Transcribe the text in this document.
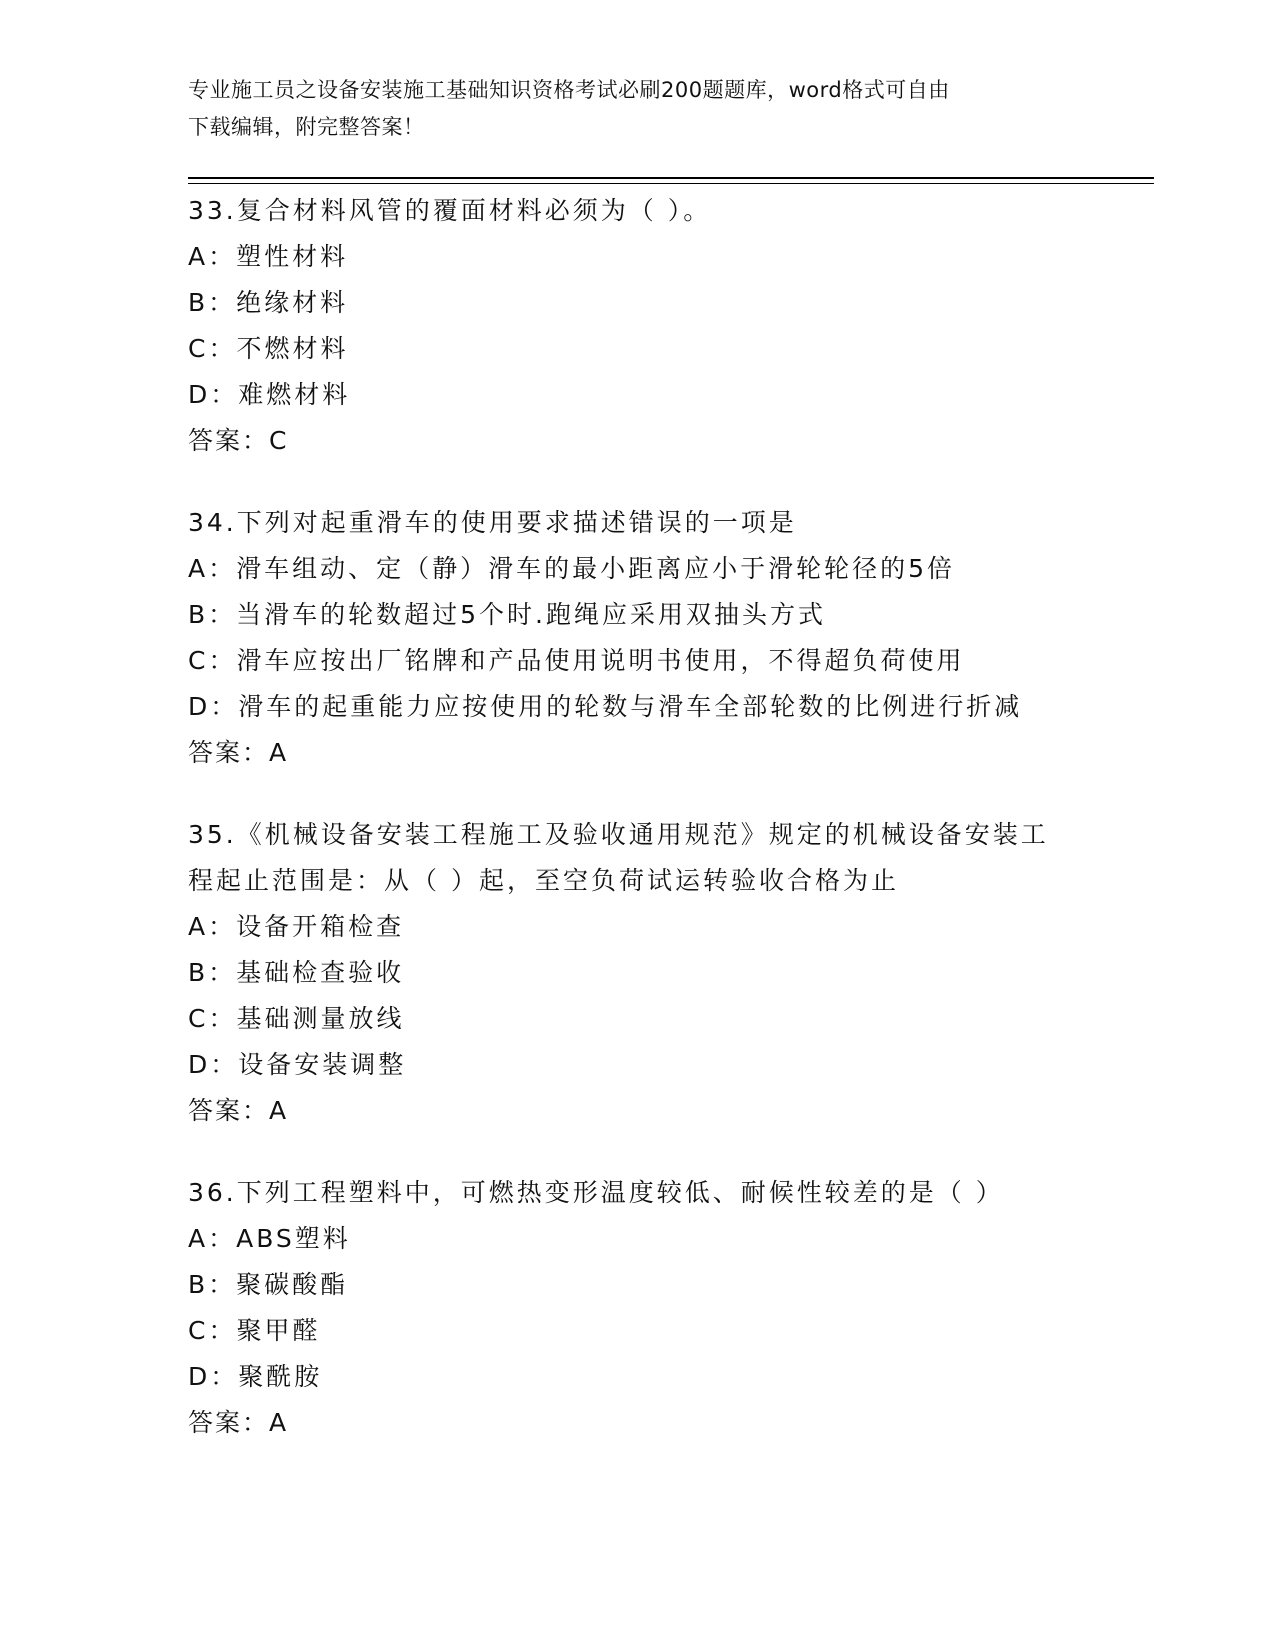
专业施工员之设备安装施工基础知识资格考试必刷200题题库，word格式可自由
下载编辑，附完整答案！
33.复合材料风管的覆面材料必须为（ ）。
A：塑性材料
B：绝缘材料
C：不燃材料
D：难燃材料
答案：C
34.下列对起重滑车的使用要求描述错误的一项是
A：滑车组动、定（静）滑车的最小距离应小于滑轮轮径的5倍
B：当滑车的轮数超过5个时.跑绳应采用双抽头方式
C：滑车应按出厂铭牌和产品使用说明书使用，不得超负荷使用
D：滑车的起重能力应按使用的轮数与滑车全部轮数的比例进行折减
答案：A
35.《机械设备安装工程施工及验收通用规范》规定的机械设备安装工
程起止范围是：从（ ）起，至空负荷试运转验收合格为止
A：设备开箱检查
B：基础检查验收
C：基础测量放线
D：设备安装调整
答案：A
36.下列工程塑料中，可燃热变形温度较低、耐候性较差的是（ ）
A：ABS塑料
B：聚碳酸酯
C：聚甲醛
D：聚酰胺
答案：A
